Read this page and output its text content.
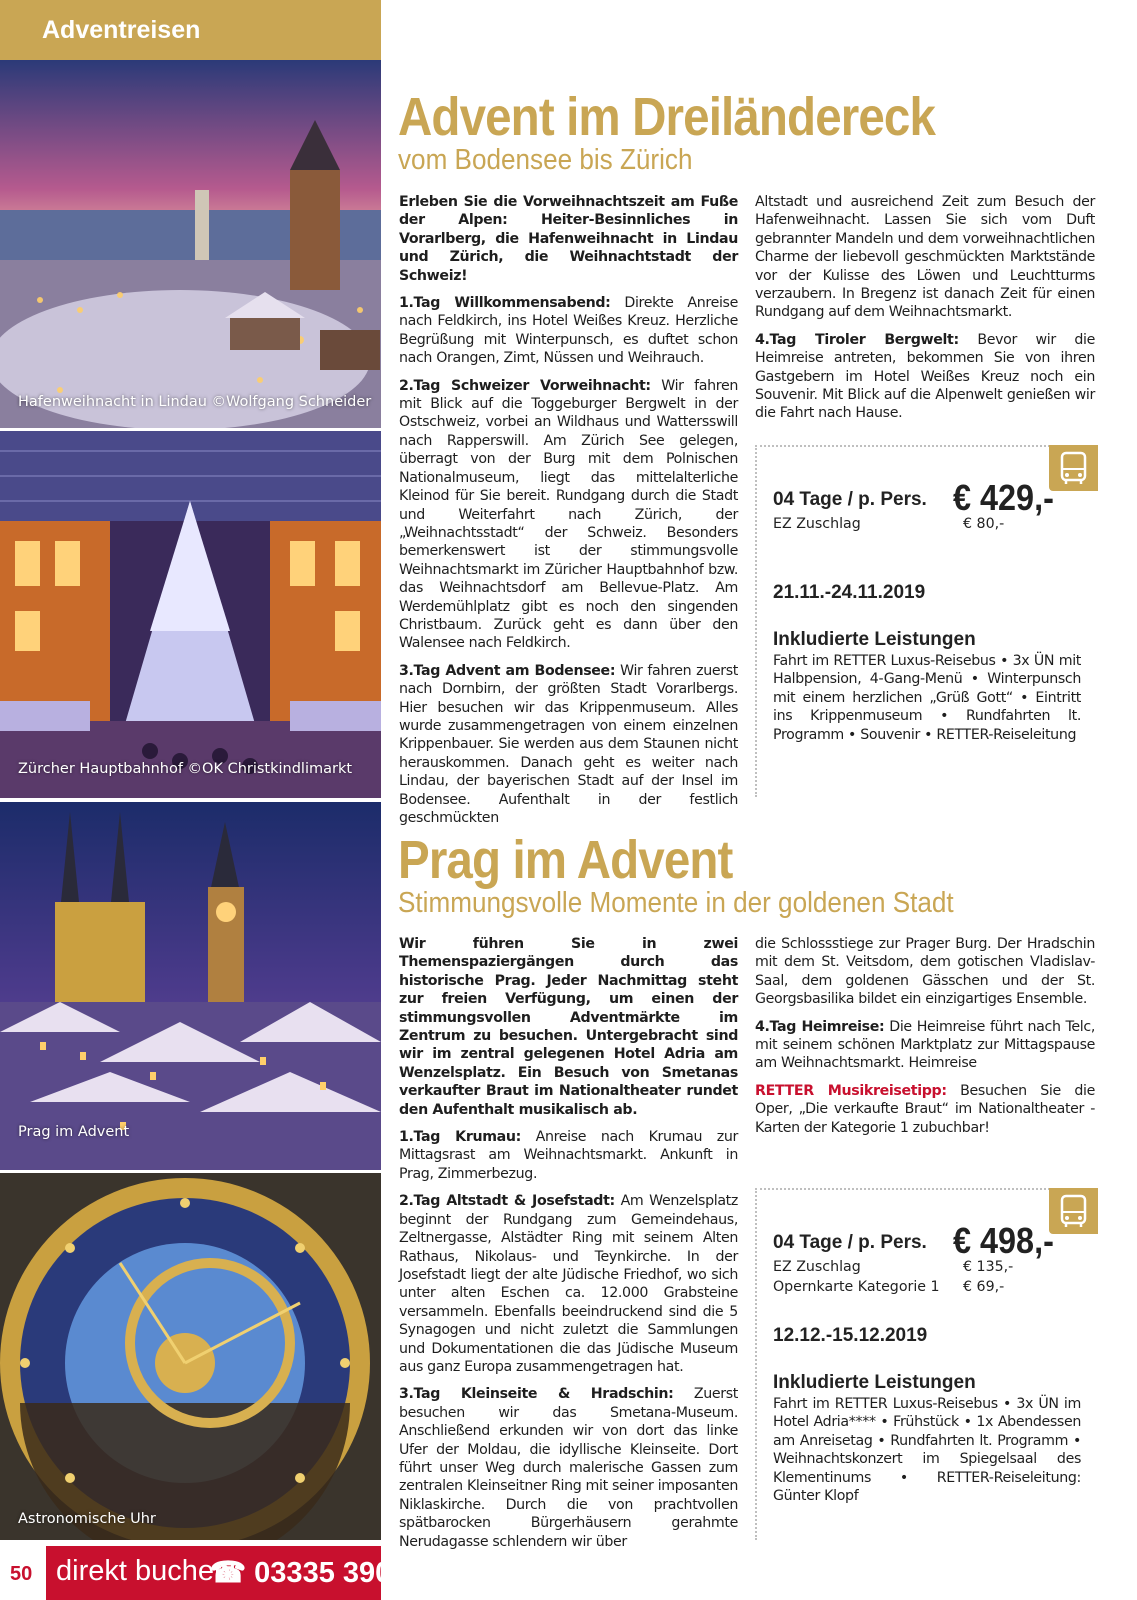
Adventreisen
Hafenweihnacht in Lindau ©Wolfgang Schneider
Zürcher Hauptbahnhof ©OK Christkindlimarkt
Prag im Advent
Astronomische Uhr
50 direkt buchen
☎ 03335 3900
Advent im Dreiländereck
vom Bodensee bis Zürich

Erleben Sie die Vorweihnachtszeit am Fuße der Alpen: Heiter-Besinnliches in Vorarlberg, die Hafenweihnacht in Lindau und Zürich, die Weihnachtstadt der Schweiz!

1.Tag Willkommensabend: Direkte Anreise nach Feldkirch, ins Hotel Weißes Kreuz. Herzliche Begrüßung mit Winterpunsch, es duftet schon nach Orangen, Zimt, Nüssen und Weihrauch.

2.Tag Schweizer Vorweihnacht: Wir fahren mit Blick auf die Toggeburger Bergwelt in der Ostschweiz, vorbei an Wildhaus und Wattersswill nach Rapperswill. Am Zürich See gelegen, überragt von der Burg mit dem Polnischen Nationalmuseum, liegt das mittelalterliche Kleinod für Sie bereit. Rundgang durch die Stadt und Weiterfahrt nach Zürich, der „Weihnachtsstadt“ der Schweiz. Besonders bemerkenswert ist der stimmungsvolle Weihnachtsmarkt im Züricher Hauptbahnhof bzw. das Weihnachtsdorf am Bellevue-Platz. Am Werdemühlplatz gibt es noch den singenden Christbaum. Zurück geht es dann über den Walensee nach Feldkirch.

3.Tag Advent am Bodensee: Wir fahren zuerst nach Dornbirn, der größten Stadt Vorarlbergs. Hier besuchen wir das Krippenmuseum. Alles wurde zusammengetragen von einem einzelnen Krippenbauer. Sie werden aus dem Staunen nicht herauskommen. Danach geht es weiter nach Lindau, der bayerischen Stadt auf der Insel im Bodensee. Aufenthalt in der festlich geschmückten

Altstadt und ausreichend Zeit zum Besuch der Hafenweihnacht. Lassen Sie sich vom Duft gebrannter Mandeln und dem vorweihnachtlichen Charme der liebevoll geschmückten Marktstände vor der Kulisse des Löwen und Leuchtturms verzaubern. In Bregenz ist danach Zeit für einen Rundgang auf dem Weihnachtsmarkt.

4.Tag Tiroler Bergwelt: Bevor wir die Heimreise antreten, bekommen Sie von ihren Gastgebern im Hotel Weißes Kreuz noch ein Souvenir. Mit Blick auf die Alpenwelt genießen wir die Fahrt nach Hause.

04 Tage / p. Pers. € 429,-
EZ Zuschlag	€ 80,-
21.11.-24.11.2019
Inkludierte Leistungen
Fahrt im RETTER Luxus-Reisebus • 3x ÜN mit Halbpension, 4-Gang-Menü • Winterpunsch mit einem herzlichen „Grüß Gott“ • Eintritt ins Krippenmuseum • Rundfahrten lt. Programm • Souvenir • RETTER-Reiseleitung
Prag im Advent
Stimmungsvolle Momente in der goldenen Stadt

Wir führen Sie in zwei Themenspaziergängen durch das historische Prag. Jeder Nachmittag steht zur freien Verfügung, um einen der stimmungsvollen Adventmärkte im Zentrum zu besuchen. Untergebracht sind wir im zentral gelegenen Hotel Adria am Wenzelsplatz. Ein Besuch von Smetanas verkaufter Braut im Nationaltheater rundet den Aufenthalt musikalisch ab.

1.Tag Krumau: Anreise nach Krumau zur Mittagsrast am Weihnachtsmarkt. Ankunft in Prag, Zimmerbezug.

2.Tag Altstadt & Josefstadt: Am Wenzelsplatz beginnt der Rundgang zum Gemeindehaus, Zeltnergasse, Alstädter Ring mit seinem Alten Rathaus, Nikolaus- und Teynkirche. In der Josefstadt liegt der alte Jüdische Friedhof, wo sich unter alten Eschen ca. 12.000 Grabsteine versammeln. Ebenfalls beeindruckend sind die 5 Synagogen und nicht zuletzt die Sammlungen und Dokumentationen die das Jüdische Museum aus ganz Europa zusammengetragen hat.

3.Tag Kleinseite & Hradschin: Zuerst besuchen wir das Smetana-Museum. Anschließend erkunden wir von dort das linke Ufer der Moldau, die idyllische Kleinseite. Dort führt unser Weg durch malerische Gassen zum zentralen Kleinseitner Ring mit seiner imposanten Niklaskirche. Durch die von prachtvollen spätbarocken Bürgerhäusern gerahmte Nerudagasse schlendern wir über

die Schlossstiege zur Prager Burg. Der Hradschin mit dem St. Veitsdom, dem gotischen Vladislav-Saal, dem goldenen Gässchen und der St. Georgsbasilika bildet ein einzigartiges Ensemble.

4.Tag Heimreise: Die Heimreise führt nach Telc, mit seinem schönen Marktplatz zur Mittagspause am Weihnachtsmarkt. Heimreise

RETTER Musikreisetipp: Besuchen Sie die Oper, „Die verkaufte Braut“ im Nationaltheater - Karten der Kategorie 1 zubuchbar!

04 Tage / p. Pers. € 498,-
EZ Zuschlag	€ 135,-
Opernkarte Kategorie 1 € 69,-
12.12.-15.12.2019
Inkludierte Leistungen
Fahrt im RETTER Luxus-Reisebus • 3x ÜN im Hotel Adria**** • Frühstück • 1x Abendessen am Anreisetag • Rundfahrten lt. Programm • Weihnachtskonzert im Spiegelsaal des Klementinums • RETTER-Reiseleitung: Günter Klopf
